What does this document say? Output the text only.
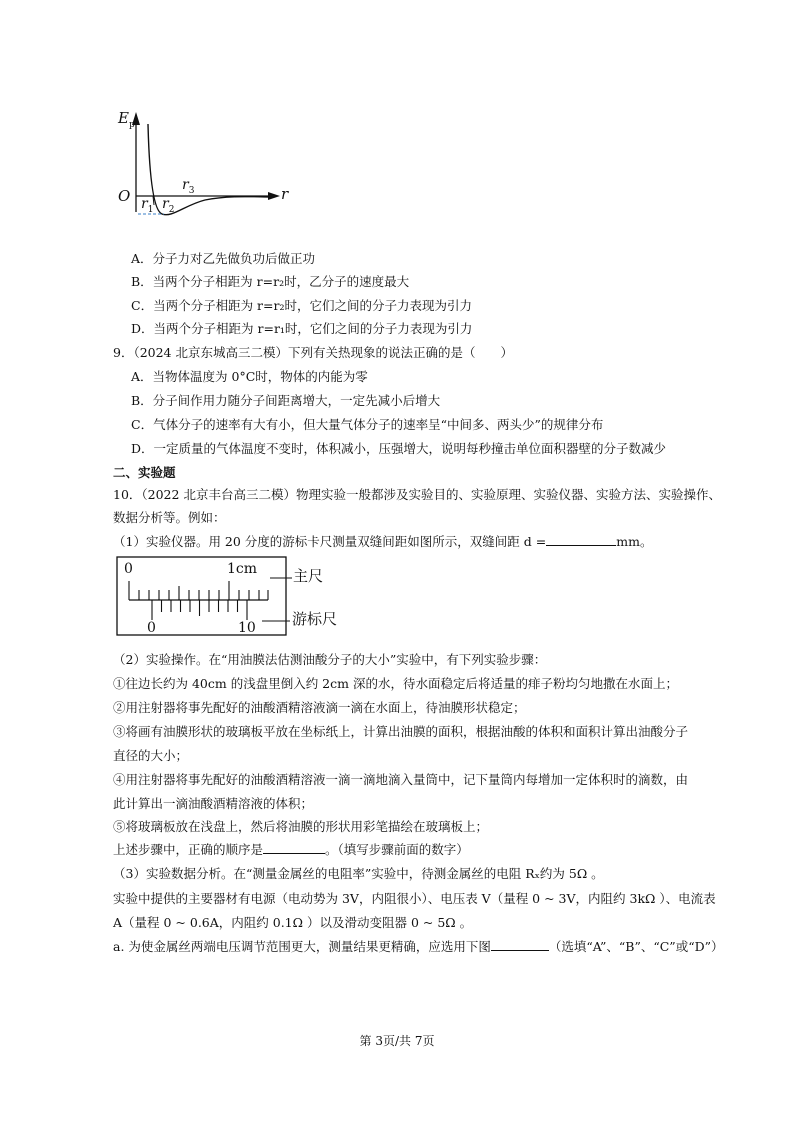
$E_p$
O	r
$r_1$ $r_2$
$r_3$
A．分子力对乙先做负功后做正功
B．当两个分子相距为 r=r₂时，乙分子的速度最大
C．当两个分子相距为 r=r₂时，它们之间的分子力表现为引力
D．当两个分子相距为 r=r₁时，它们之间的分子力表现为引力
9．（2024 北京东城高三二模）下列有关热现象的说法正确的是（　　）
A．当物体温度为 0°C时，物体的内能为零
B．分子间作用力随分子间距离增大，一定先减小后增大
C．气体分子的速率有大有小，但大量气体分子的速率呈“中间多、两头少”的规律分布
D．一定质量的气体温度不变时，体积减小，压强增大，说明每秒撞击单位面积器壁的分子数减少
二、实验题
10．（2022 北京丰台高三二模）物理实验一般都涉及实验目的、实验原理、实验仪器、实验方法、实验操作、
数据分析等。例如：
（1）实验仪器。用 20 分度的游标卡尺测量双缝间距如图所示，双缝间距 d =	mm。
0	1cm 主尺
0	10 游标尺
（2）实验操作。在“用油膜法估测油酸分子的大小”实验中，有下列实验步骤：
①往边长约为 40cm 的浅盘里倒入约 2cm 深的水，待水面稳定后将适量的痱子粉均匀地撒在水面上；
②用注射器将事先配好的油酸酒精溶液滴一滴在水面上，待油膜形状稳定；
③将画有油膜形状的玻璃板平放在坐标纸上，计算出油膜的面积，根据油酸的体积和面积计算出油酸分子
直径的大小；
④用注射器将事先配好的油酸酒精溶液一滴一滴地滴入量筒中，记下量筒内每增加一定体积时的滴数，由
此计算出一滴油酸酒精溶液的体积；
⑤将玻璃板放在浅盘上，然后将油膜的形状用彩笔描绘在玻璃板上；
上述步骤中，正确的顺序是	。（填写步骤前面的数字）
（3）实验数据分析。在“测量金属丝的电阻率”实验中，待测金属丝的电阻 Rₓ约为 5Ω 。
实验中提供的主要器材有电源（电动势为 3V，内阻很小）、电压表 V（量程 0 ~ 3V，内阻约 3kΩ ）、电流表
A（量程 0 ~ 0.6A，内阻约 0.1Ω ）以及滑动变阻器 0 ~ 5Ω 。
a. 为使金属丝两端电压调节范围更大，测量结果更精确，应选用下图	（选填“A”、“B”、“C”或“D”）
第 3页/共 7页
